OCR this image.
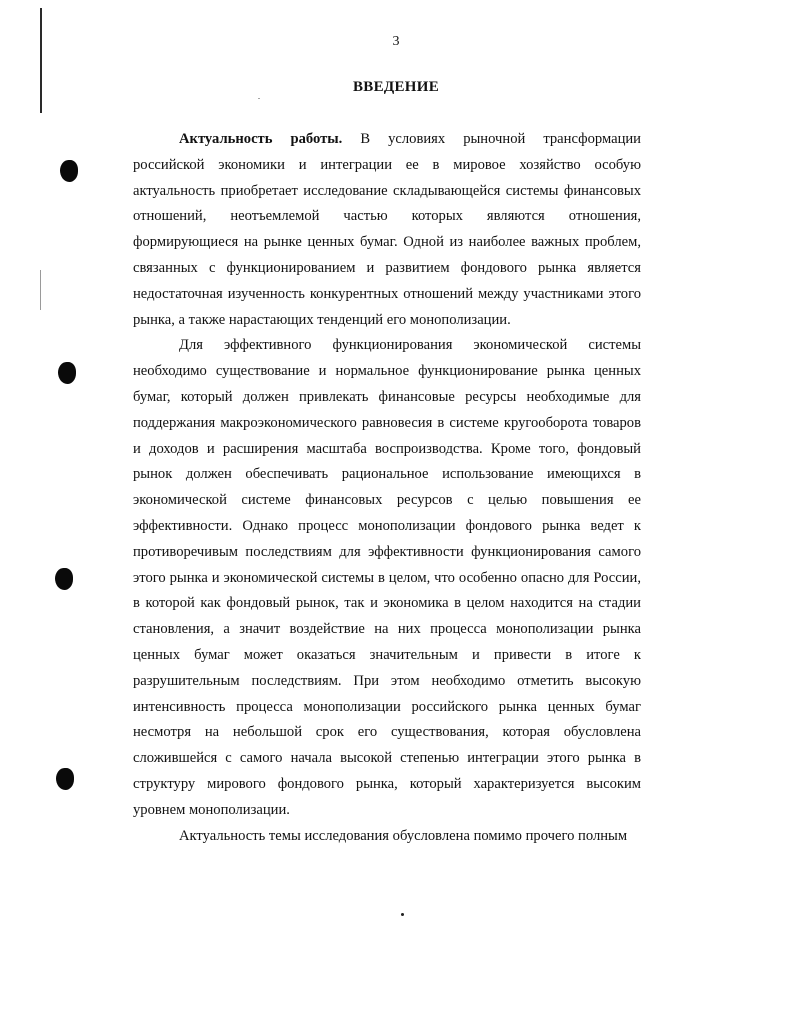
3
ВВЕДЕНИЕ

Актуальность работы. В условиях рыночной трансформации российской экономики и интеграции ее в мировое хозяйство особую актуальность приобретает исследование складывающейся системы финансовых отношений, неотъемлемой частью которых являются отношения, формирующиеся на рынке ценных бумаг. Одной из наиболее важных проблем, связанных с функционированием и развитием фондового рынка является недостаточная изученность конкурентных отношений между участниками этого рынка, а также нарастающих тенденций его монополизации.

Для эффективного функционирования экономической системы необходимо существование и нормальное функционирование рынка ценных бумаг, который должен привлекать финансовые ресурсы необходимые для поддержания макроэкономического равновесия в системе кругооборота товаров и доходов и расширения масштаба воспроизводства. Кроме того, фондовый рынок должен обеспечивать рациональное использование имеющихся в экономической системе финансовых ресурсов с целью повышения ее эффективности. Однако процесс монополизации фондового рынка ведет к противоречивым последствиям для эффективности функционирования самого этого рынка и экономической системы в целом, что особенно опасно для России, в которой как фондовый рынок, так и экономика в целом находится на стадии становления, а значит воздействие на них процесса монополизации рынка ценных бумаг может оказаться значительным и привести в итоге к разрушительным последствиям. При этом необходимо отметить высокую интенсивность процесса монополизации российского рынка ценных бумаг несмотря на небольшой срок его существования, которая обусловлена сложившейся с самого начала высокой степенью интеграции этого рынка в структуру мирового фондового рынка, который характеризуется высоким уровнем монополизации.

Актуальность темы исследования обусловлена помимо прочего полным
